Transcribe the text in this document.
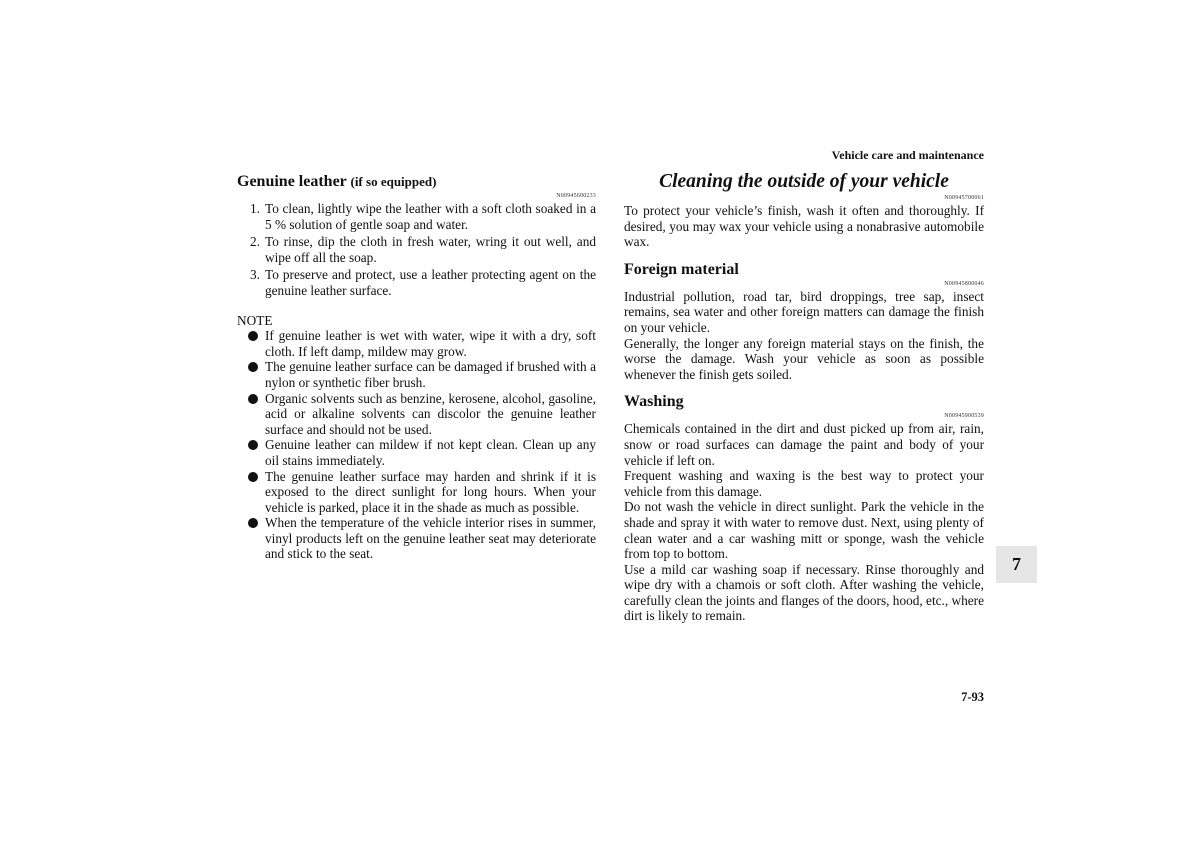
Vehicle care and maintenance

Genuine leather (if so equipped)

N00945600233
1. To clean, lightly wipe the leather with a soft cloth soaked in a 5 % solution of gentle soap and water.
2. To rinse, dip the cloth in fresh water, wring it out well, and wipe off all the soap.
3. To preserve and protect, use a leather protecting agent on the genuine leather surface.
NOTE
If genuine leather is wet with water, wipe it with a dry, soft cloth. If left damp, mildew may grow.
The genuine leather surface can be damaged if brushed with a nylon or synthetic fiber brush.
Organic solvents such as benzine, kerosene, alcohol, gasoline, acid or alkaline solvents can discolor the genuine leather surface and should not be used.
Genuine leather can mildew if not kept clean. Clean up any oil stains immediately.
The genuine leather surface may harden and shrink if it is exposed to the direct sunlight for long hours. When your vehicle is parked, place it in the shade as much as possible.
When the temperature of the vehicle interior rises in summer, vinyl products left on the genuine leather seat may deteriorate and stick to the seat.

Cleaning the outside of your vehicle

N00945700061

To protect your vehicle’s finish, wash it often and thoroughly. If desired, you may wax your vehicle using a nonabrasive automobile wax.

Foreign material

N00945800046

Industrial pollution, road tar, bird droppings, tree sap, insect remains, sea water and other foreign matters can damage the finish on your vehicle.

Generally, the longer any foreign material stays on the finish, the worse the damage. Wash your vehicle as soon as possible whenever the finish gets soiled.

Washing

N00945900539

Chemicals contained in the dirt and dust picked up from air, rain, snow or road surfaces can damage the paint and body of your vehicle if left on.

Frequent washing and waxing is the best way to protect your vehicle from this damage.

Do not wash the vehicle in direct sunlight. Park the vehicle in the shade and spray it with water to remove dust. Next, using plenty of clean water and a car washing mitt or sponge, wash the vehicle from top to bottom.

Use a mild car washing soap if necessary. Rinse thoroughly and wipe dry with a chamois or soft cloth. After washing the vehicle, carefully clean the joints and flanges of the doors, hood, etc., where dirt is likely to remain.

7
7-93
